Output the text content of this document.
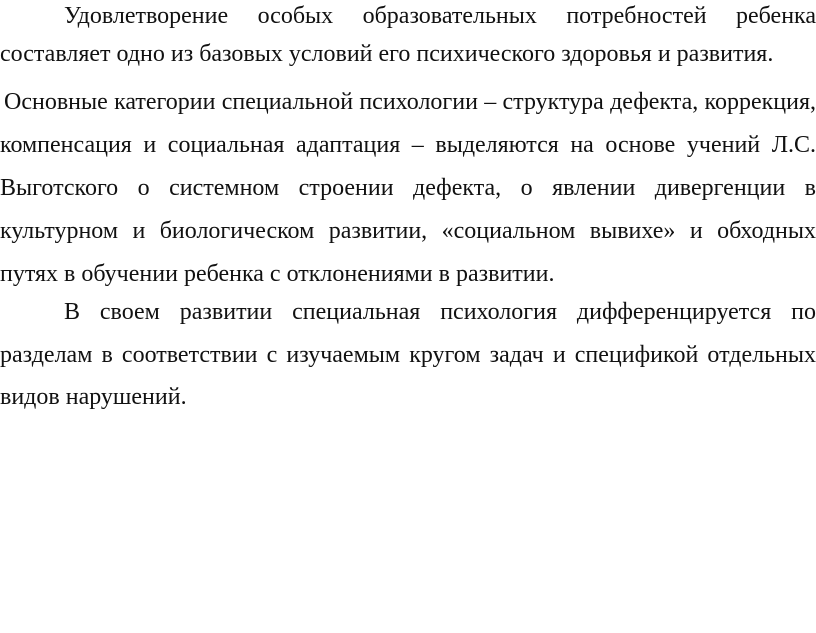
Удовлетворение особых образовательных потребностей ребенка
составляет одно из базовых условий его психического здоровья и развития.
Основные категории специальной психологии – структура дефекта, коррекция,
компенсация и социальная адаптация – выделяются на основе учений Л.С.
Выготского о системном строении дефекта, о явлении дивергенции в
культурном и биологическом развитии, «социальном вывихе» и обходных
путях в обучении ребенка с отклонениями в развитии.
В своем развитии специальная психология дифференцируется по
разделам в соответствии с изучаемым кругом задач и спецификой отдельных
видов нарушений.
